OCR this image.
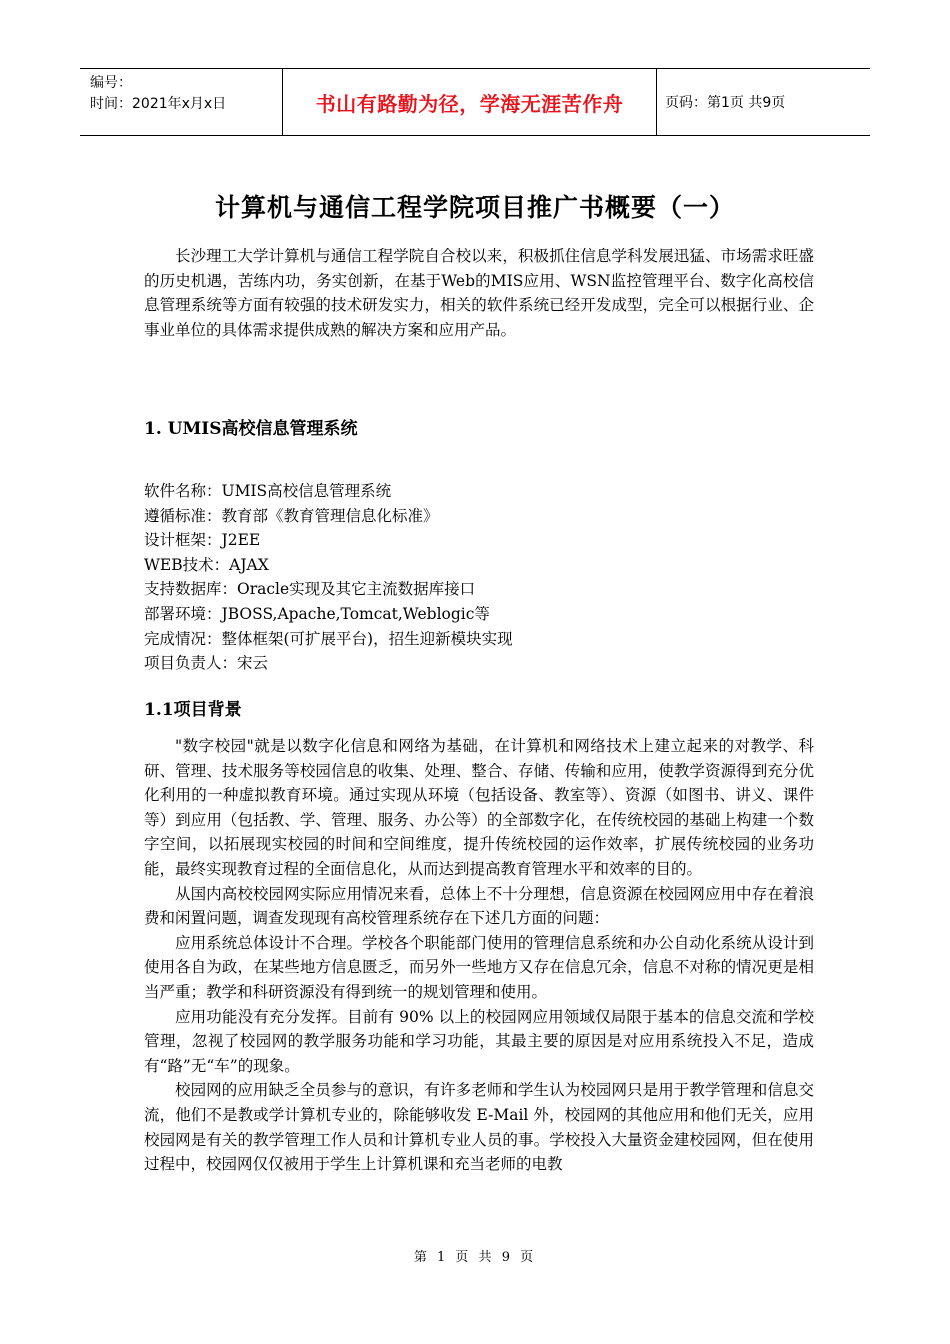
编号：
时间：2021年x月x日	书山有路勤为径，学海无涯苦作舟	页码：第1页 共9页
计算机与通信工程学院项目推广书概要（一）

长沙理工大学计算机与通信工程学院自合校以来，积极抓住信息学科发展迅猛、市场需求旺盛的历史机遇，苦练内功，务实创新，在基于Web的MIS应用、WSN监控管理平台、数字化高校信息管理系统等方面有较强的技术研发实力，相关的软件系统已经开发成型，完全可以根据行业、企事业单位的具体需求提供成熟的解决方案和应用产品。

1. UMIS高校信息管理系统

软件名称：UMIS高校信息管理系统

遵循标准：教育部《教育管理信息化标准》

设计框架：J2EE

WEB技术：AJAX

支持数据库：Oracle实现及其它主流数据库接口

部署环境：JBOSS,Apache,Tomcat,Weblogic等

完成情况：整体框架(可扩展平台)，招生迎新模块实现

项目负责人：宋云

1.1项目背景

"数字校园"就是以数字化信息和网络为基础，在计算机和网络技术上建立起来的对教学、科研、管理、技术服务等校园信息的收集、处理、整合、存储、传输和应用，使教学资源得到充分优化利用的一种虚拟教育环境。通过实现从环境（包括设备、教室等）、资源（如图书、讲义、课件等）到应用（包括教、学、管理、服务、办公等）的全部数字化，在传统校园的基础上构建一个数字空间，以拓展现实校园的时间和空间维度，提升传统校园的运作效率，扩展传统校园的业务功能，最终实现教育过程的全面信息化，从而达到提高教育管理水平和效率的目的。

从国内高校校园网实际应用情况来看，总体上不十分理想，信息资源在校园网应用中存在着浪费和闲置问题，调查发现现有高校管理系统存在下述几方面的问题：

应用系统总体设计不合理。学校各个职能部门使用的管理信息系统和办公自动化系统从设计到使用各自为政，在某些地方信息匮乏，而另外一些地方又存在信息冗余，信息不对称的情况更是相当严重；教学和科研资源没有得到统一的规划管理和使用。

应用功能没有充分发挥。目前有 90% 以上的校园网应用领域仅局限于基本的信息交流和学校管理，忽视了校园网的教学服务功能和学习功能，其最主要的原因是对应用系统投入不足，造成有“路”无“车”的现象。

校园网的应用缺乏全员参与的意识，有许多老师和学生认为校园网只是用于教学管理和信息交流，他们不是教或学计算机专业的，除能够收发 E-Mail 外，校园网的其他应用和他们无关，应用校园网是有关的教学管理工作人员和计算机专业人员的事。学校投入大量资金建校园网，但在使用过程中，校园网仅仅被用于学生上计算机课和充当老师的电教

第 1 页 共 9 页
